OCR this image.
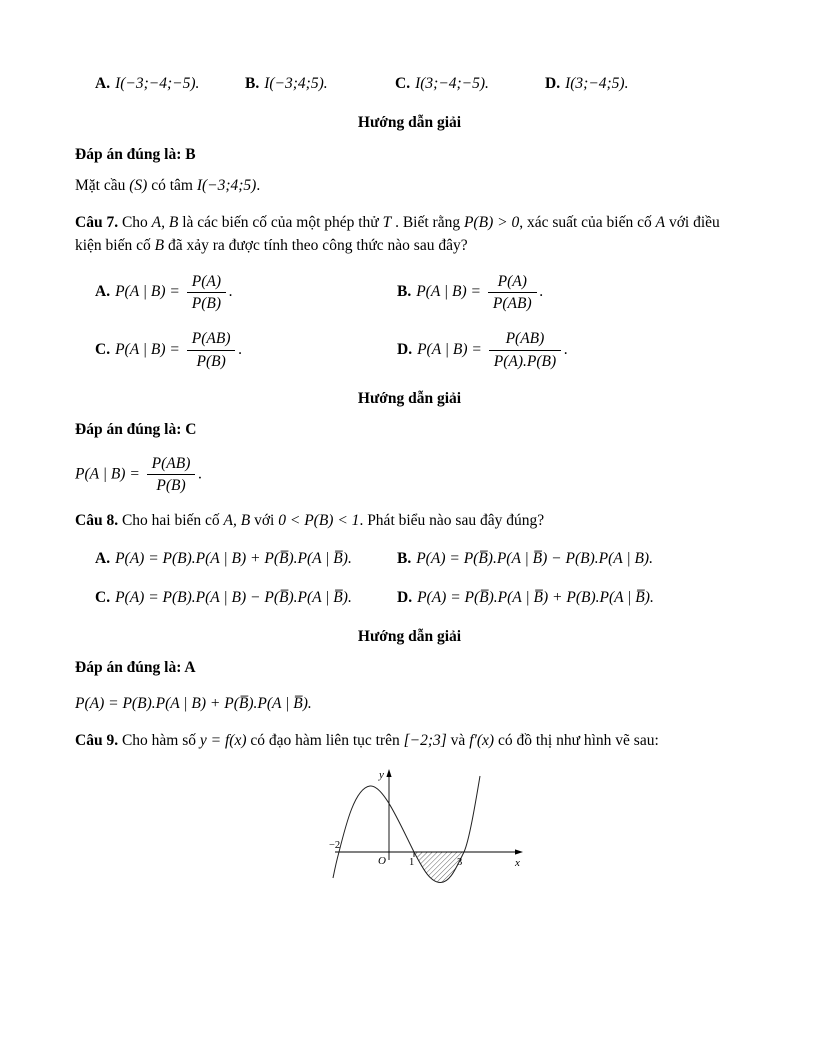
A. I(−3;−4;−5).	B. I(−3;4;5).	C. I(3;−4;−5).	D. I(3;−4;5).
Hướng dẫn giải
Đáp án đúng là: B
Mặt cầu (S) có tâm I(−3;4;5).
Câu 7. Cho A, B là các biến cố của một phép thử T . Biết rằng P(B) > 0, xác suất của biến cố A với điều kiện biến cố B đã xảy ra được tính theo công thức nào sau đây?
A. P(A | $B) = \frac{P(A)}{P(B)}$ .	B. P(A | $B) = \frac{P(A)}{P(AB)}$ .
C. P(A | $B) = \frac{P(AB)}{P(B)}$ .	D. P(A | $B) = \frac{P(AB)}{P(A).P(B)}$ .
Hướng dẫn giải
Đáp án đúng là: C
P(A | $B) = \frac{P(AB)}{P(B)}$ .
Câu 8. Cho hai biến cố A, B với 0 < P(B) < 1. Phát biểu nào sau đây đúng?
A. P(A) = P(B).P(A | B) + P(B̅).P(A | B̅).	B. P(A) = P(B̅).P(A | B̅) − P(B).P(A | B).
C. P(A) = P(B).P(A | B) − P(B̅).P(A | B̅).	D. P(A) = P(B̅).P(A | B̅) + P(B).P(A | B̅).
Hướng dẫn giải
Đáp án đúng là: A
P(A) = P(B).P(A | B) + P(B̅).P(A | B̅).
Câu 9. Cho hàm số y = f(x) có đạo hàm liên tục trên [−2;3] và f′(x) có đồ thị như hình vẽ sau:
y
x
O
−2
1	3
